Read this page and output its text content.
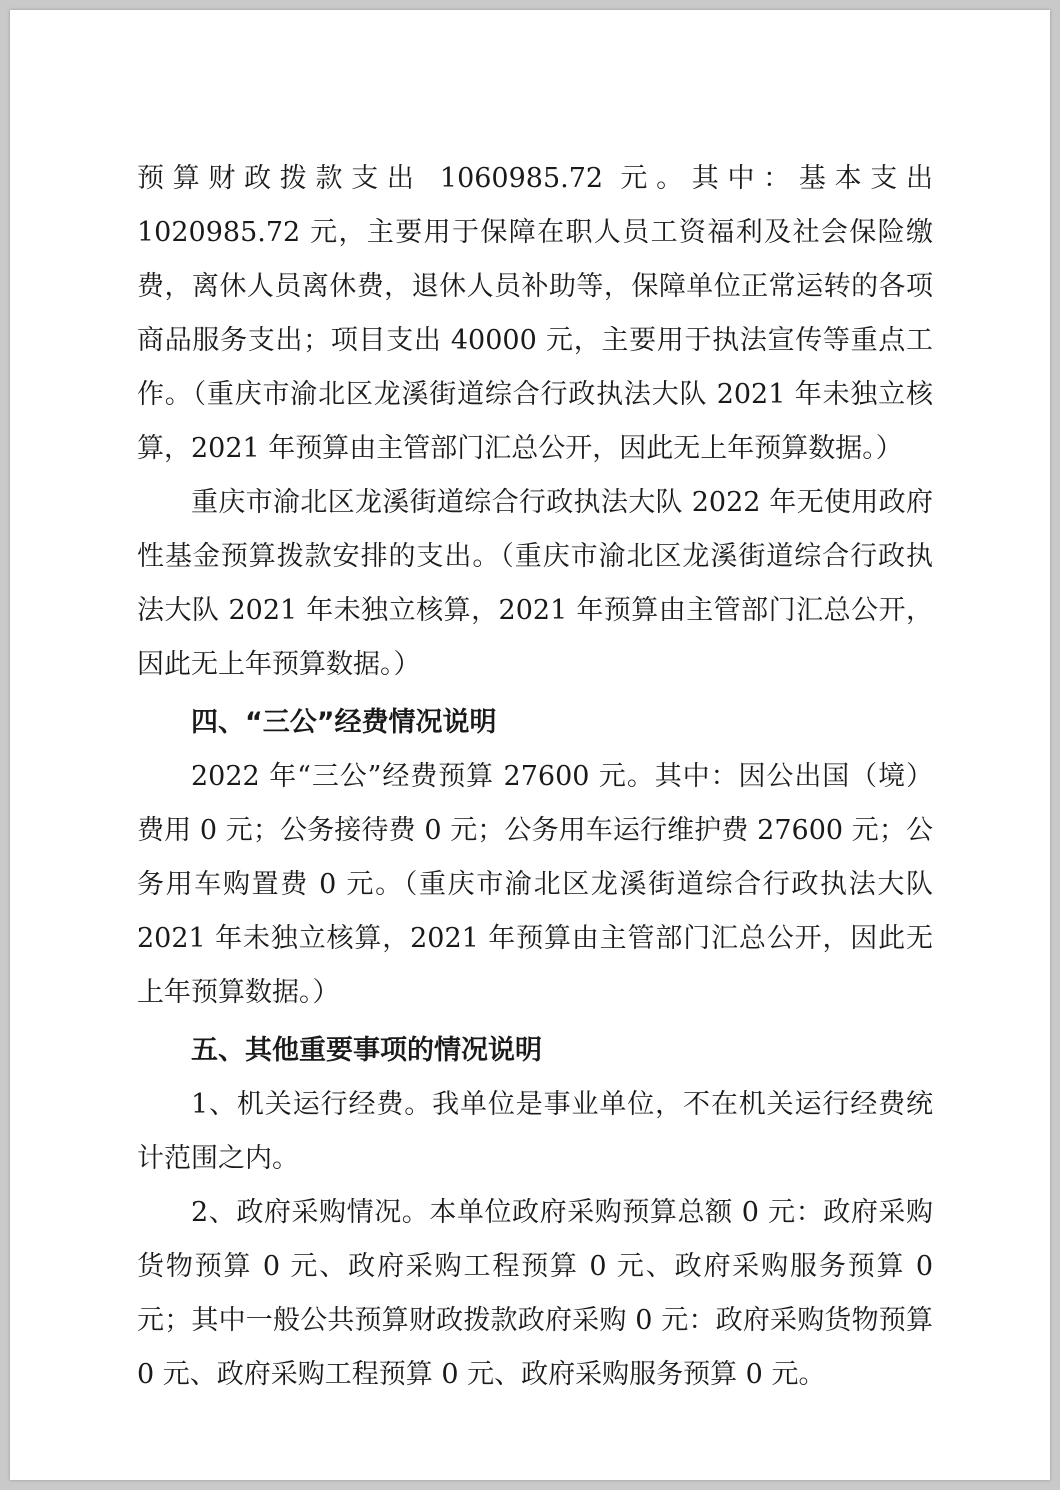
预算财政拨款支出 1060985.72 元。其中：基本支出 1020985.72 元，主要用于保障在职人员工资福利及社会保险缴费，离休人员离休费，退休人员补助等，保障单位正常运转的各项商品服务支出；项目支出 40000 元，主要用于执法宣传等重点工作。（重庆市渝北区龙溪街道综合行政执法大队 2021 年未独立核算，2021 年预算由主管部门汇总公开，因此无上年预算数据。）

重庆市渝北区龙溪街道综合行政执法大队 2022 年无使用政府性基金预算拨款安排的支出。（重庆市渝北区龙溪街道综合行政执法大队 2021 年未独立核算，2021 年预算由主管部门汇总公开，因此无上年预算数据。）

四、“三公”经费情况说明

2022 年“三公”经费预算 27600 元。其中：因公出国（境）费用 0 元；公务接待费 0 元；公务用车运行维护费 27600 元；公务用车购置费 0 元。（重庆市渝北区龙溪街道综合行政执法大队 2021 年未独立核算，2021 年预算由主管部门汇总公开，因此无上年预算数据。）

五、其他重要事项的情况说明

1、机关运行经费。我单位是事业单位，不在机关运行经费统计范围之内。

2、政府采购情况。本单位政府采购预算总额 0 元：政府采购货物预算 0 元、政府采购工程预算 0 元、政府采购服务预算 0 元；其中一般公共预算财政拨款政府采购 0 元：政府采购货物预算 0 元、政府采购工程预算 0 元、政府采购服务预算 0 元。
